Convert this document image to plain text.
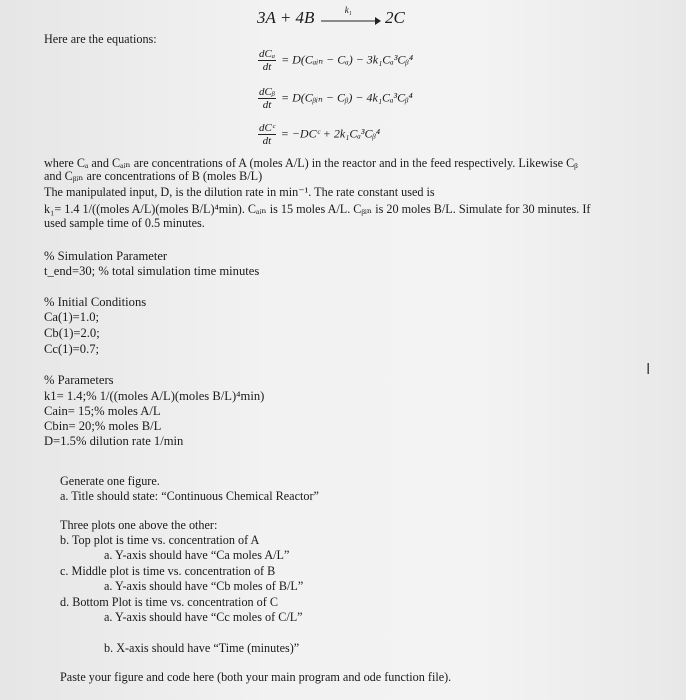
3A + 4B	k₁ 2C
Here are the equations:
$\frac{\text{dCₐ}}{dt}$ = D(Cₐᵢₙ − Cₐ) − 3k₁Cₐ³Cᵦ⁴
$\frac{\text{dCᵦ}}{dt}$ = D(Cᵦᵢₙ − Cᵦ) − 4k₁Cₐ³Cᵦ⁴
$\frac{\text{dCᶜ}}{dt}$ = −DCᶜ + 2k₁Cₐ³Cᵦ⁴
where Cₐ and Cₐᵢₙ are concentrations of A (moles A/L) in the reactor and in the feed respectively. Likewise Cᵦ
and Cᵦᵢₙ are concentrations of B (moles B/L)
The manipulated input, D, is the dilution rate in min⁻¹. The rate constant used is
k₁= 1.4 1/((moles A/L)(moles B/L)⁴min). Cₐᵢₙ is 15 moles A/L. Cᵦᵢₙ is 20 moles B/L. Simulate for 30 minutes. If
used sample time of 0.5 minutes.
% Simulation Parameter
t_end=30; % total simulation time minutes
% Initial Conditions
Ca(1)=1.0;
Cb(1)=2.0;
Cc(1)=0.7;
I
% Parameters
k1= 1.4;% 1/((moles A/L)(moles B/L)⁴min)
Cain= 15;% moles A/L
Cbin= 20;% moles B/L
D=1.5% dilution rate 1/min
Generate one figure.
a. Title should state: “Continuous Chemical Reactor”
Three plots one above the other:
b. Top plot is time vs. concentration of A
a. Y-axis should have “Ca moles A/L”
c. Middle plot is time vs. concentration of B
a. Y-axis should have “Cb moles of B/L”
d. Bottom Plot is time vs. concentration of C
a. Y-axis should have “Cc moles of C/L”
b. X-axis should have “Time (minutes)”
Paste your figure and code here (both your main program and ode function file).
